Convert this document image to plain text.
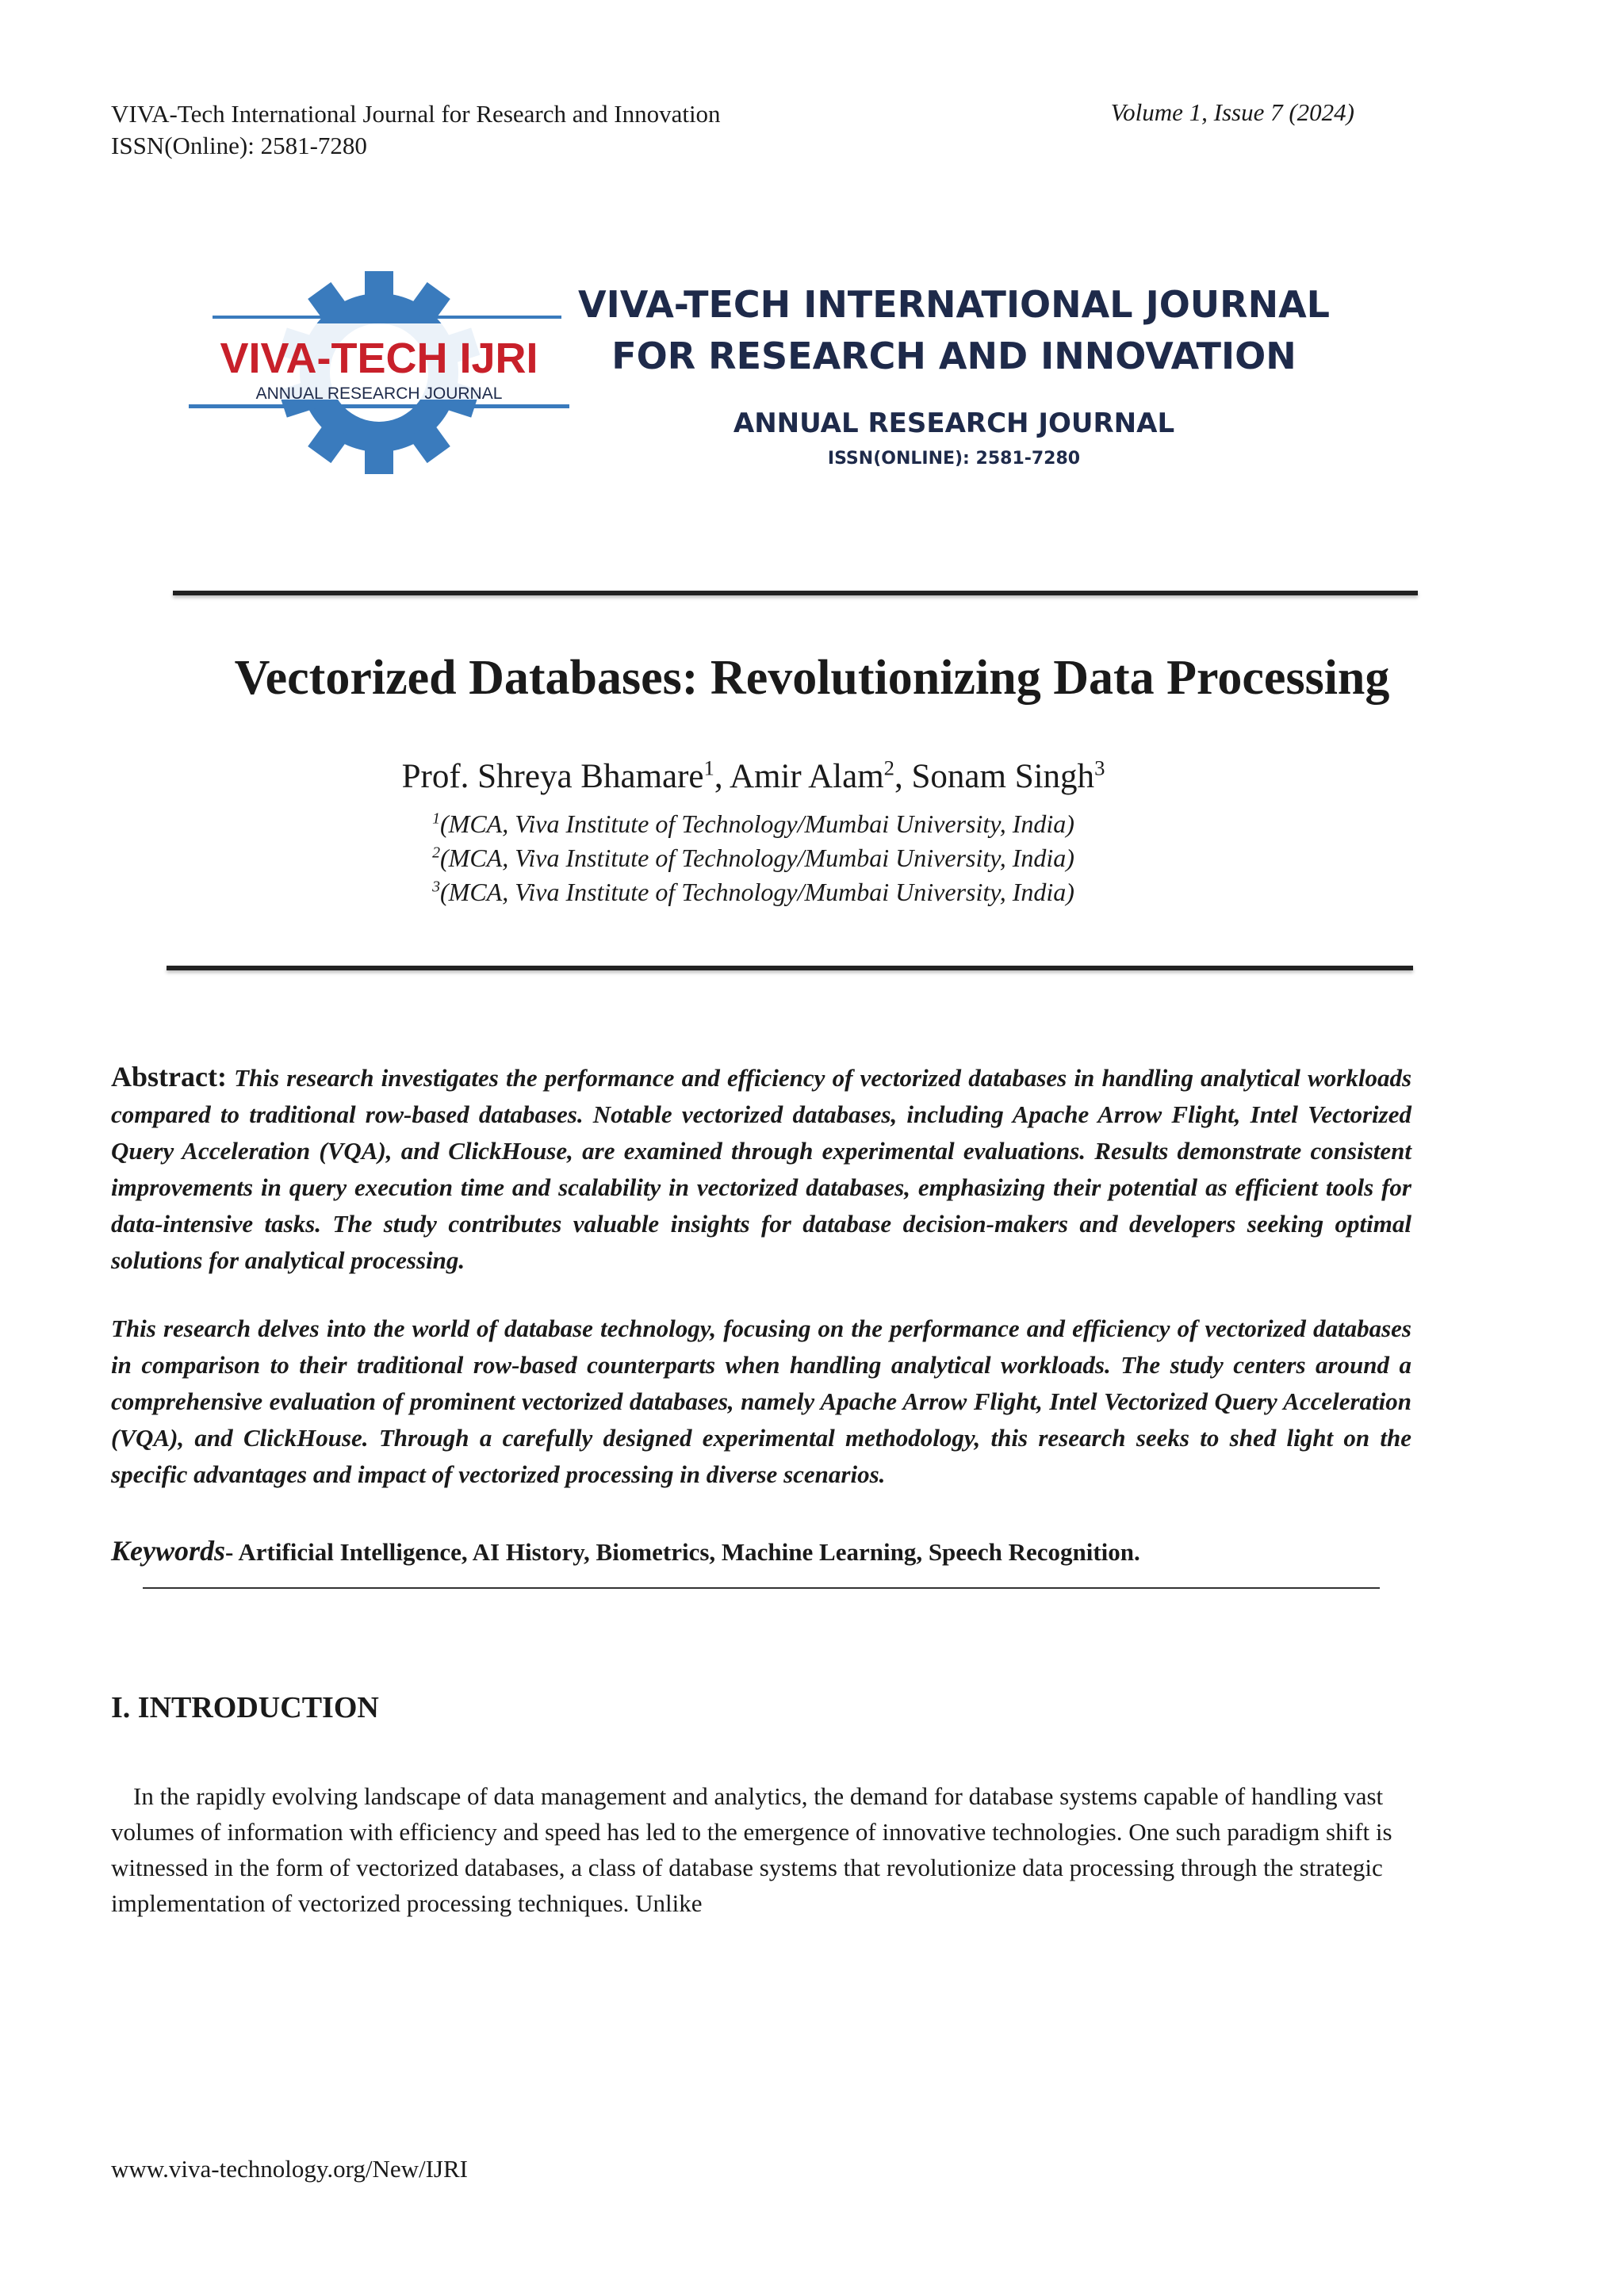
VIVA-Tech International Journal for Research and Innovation
ISSN(Online): 2581-7280
Volume 1, Issue 7 (2024)
VIVA-TECH IJRI
ANNUAL RESEARCH JOURNAL
VIVA-TECH INTERNATIONAL JOURNAL
FOR RESEARCH AND INNOVATION
ANNUAL RESEARCH JOURNAL
ISSN(ONLINE): 2581-7280
Vectorized Databases: Revolutionizing Data Processing
Prof. Shreya Bhamare$^1$, Amir Alam$^2$, Sonam Singh$^3$
$^1$(MCA, Viva Institute of Technology/Mumbai University, India)
$^2$(MCA, Viva Institute of Technology/Mumbai University, India)
$^3$(MCA, Viva Institute of Technology/Mumbai University, India)
Abstract: This research investigates the performance and efficiency of vectorized databases in handling analytical workloads compared to traditional row-based databases. Notable vectorized databases, including Apache Arrow Flight, Intel Vectorized Query Acceleration (VQA), and ClickHouse, are examined through experimental evaluations. Results demonstrate consistent improvements in query execution time and scalability in vectorized databases, emphasizing their potential as efficient tools for data-intensive tasks. The study contributes valuable insights for database decision-makers and developers seeking optimal solutions for analytical processing.
This research delves into the world of database technology, focusing on the performance and efficiency of vectorized databases in comparison to their traditional row-based counterparts when handling analytical workloads. The study centers around a comprehensive evaluation of prominent vectorized databases, namely Apache Arrow Flight, Intel Vectorized Query Acceleration (VQA), and ClickHouse. Through a carefully designed experimental methodology, this research seeks to shed light on the specific advantages and impact of vectorized processing in diverse scenarios.
Keywords- Artificial Intelligence, AI History, Biometrics, Machine Learning, Speech Recognition.
I. INTRODUCTION
In the rapidly evolving landscape of data management and analytics, the demand for database systems capable of handling vast volumes of information with efficiency and speed has led to the emergence of innovative technologies. One such paradigm shift is witnessed in the form of vectorized databases, a class of database systems that revolutionize data processing through the strategic implementation of vectorized processing techniques. Unlike
www.viva-technology.org/New/IJRI
